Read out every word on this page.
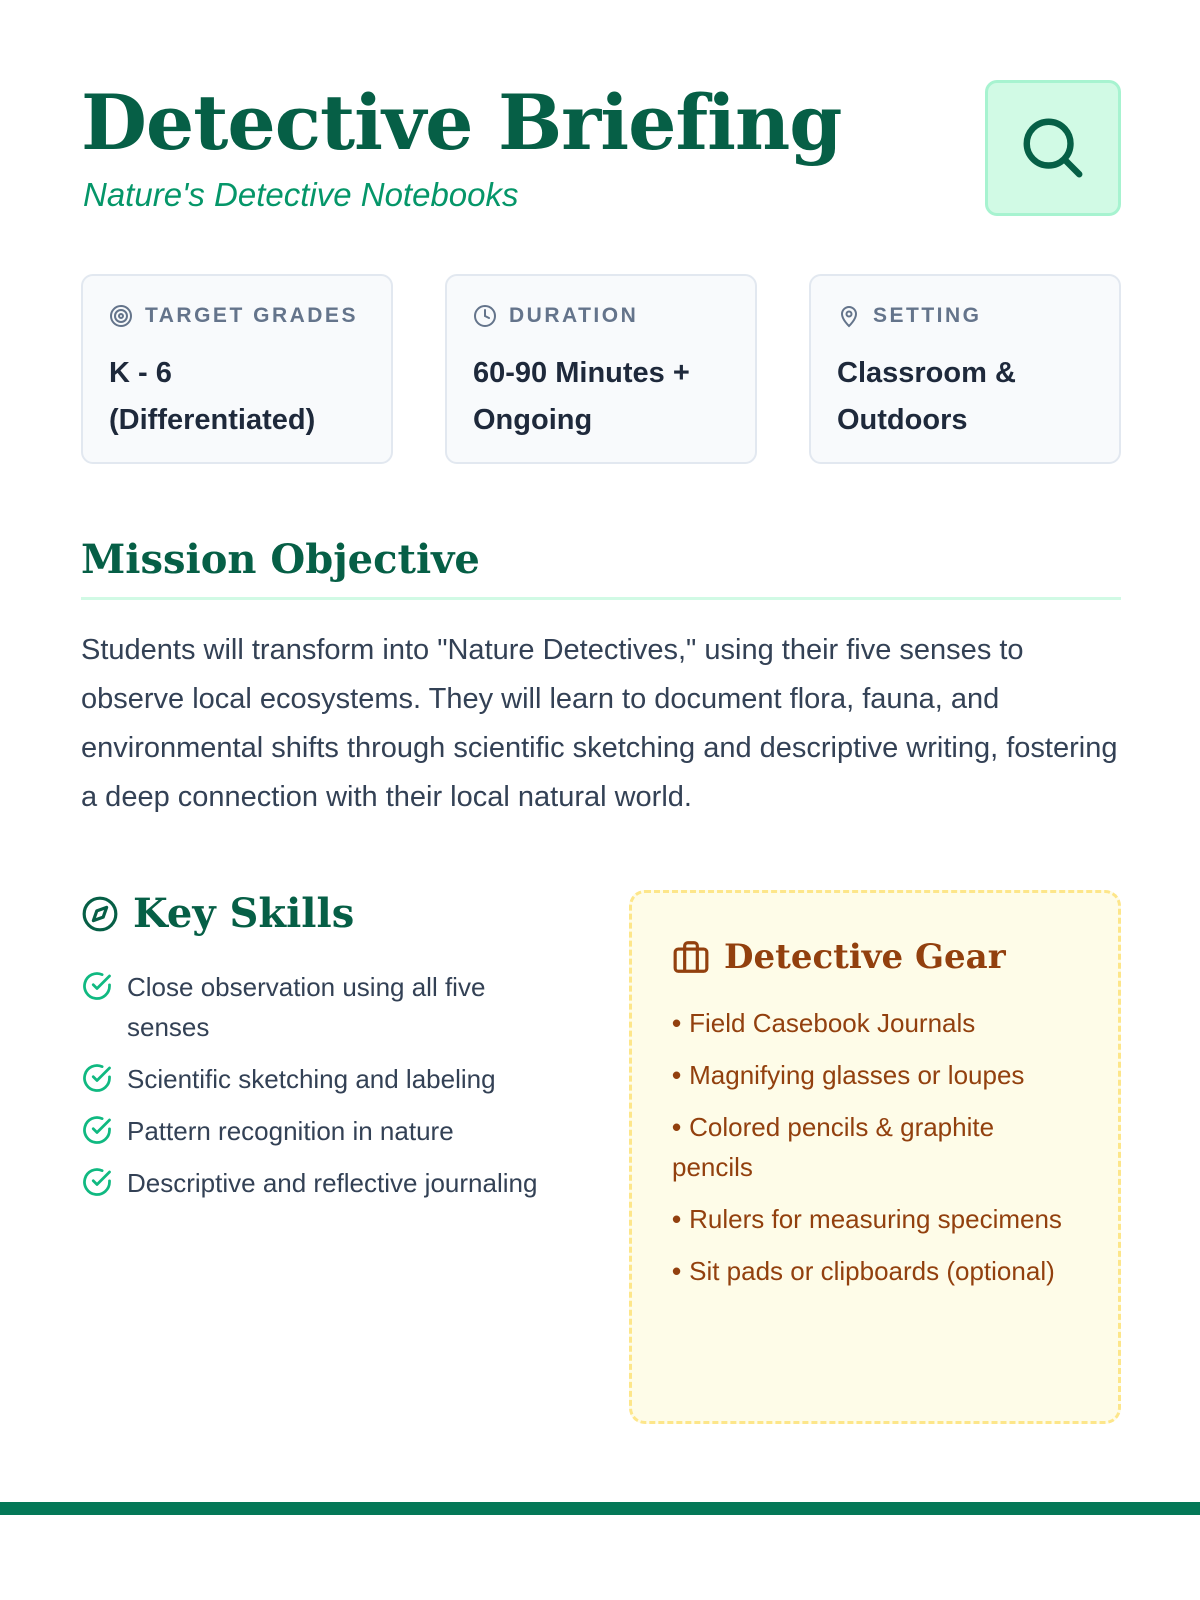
Detective Briefing

Nature's Detective Notebooks

TARGET GRADES
K - 6 (Differentiated)
DURATION
60-90 Minutes + Ongoing
SETTING
Classroom & Outdoors
Mission Objective

Students will transform into "Nature Detectives," using their five senses to observe local ecosystems. They will learn to document flora, fauna, and environmental shifts through scientific sketching and descriptive writing, fostering a deep connection with their local natural world.

Key Skills
Close observation using all five senses
Scientific sketching and labeling
Pattern recognition in nature
Descriptive and reflective journaling
Detective Gear
• Field Casebook Journals
• Magnifying glasses or loupes
• Colored pencils & graphite pencils
• Rulers for measuring specimens
• Sit pads or clipboards (optional)
